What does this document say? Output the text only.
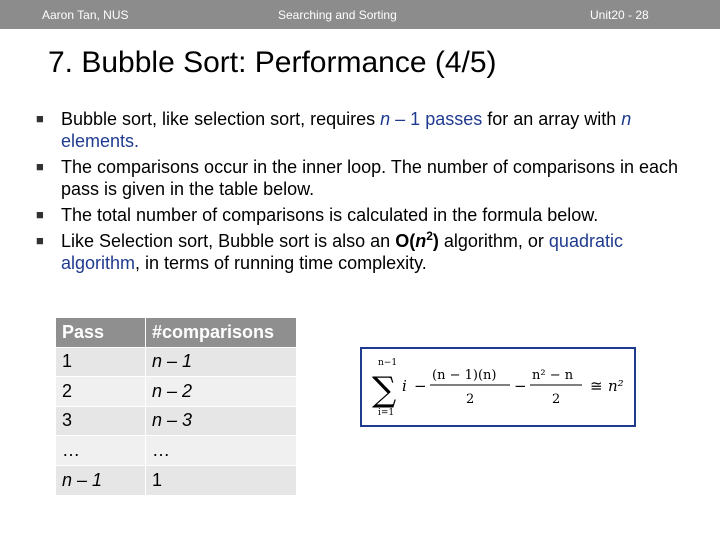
Aaron Tan, NUS	Searching and Sorting	Unit20 - 28
7. Bubble Sort: Performance (4/5)
■ Bubble sort, like selection sort, requires n – 1 passes for an array with n elements.
■ The comparisons occur in the inner loop. The number of comparisons in each pass is given in the table below.
■ The total number of comparisons is calculated in the formula below.
■ Like Selection sort, Bubble sort is also an $O(n^2)$ algorithm, or quadratic algorithm, in terms of running time complexity.
Pass	#comparisons
1	n – 1
2	n – 2
3	n – 3
…	…
n – 1	1
n−1
∑
i=1
i −
(n − 1)(n)
2
−
n² − n
2
≅ n²
